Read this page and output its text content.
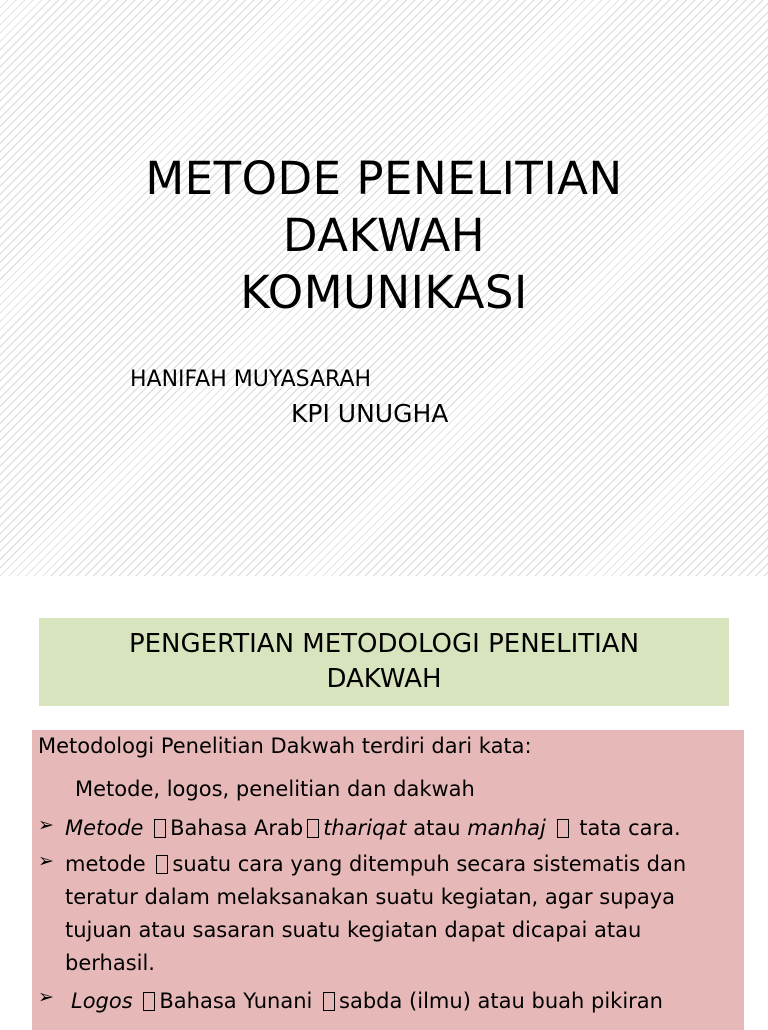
METODE PENELITIAN
DAKWAH
KOMUNIKASI
HANIFAH MUYASARAH
KPI UNUGHA
PENGERTIAN METODOLOGI PENELITIAN
DAKWAH
Metodologi Penelitian Dakwah terdiri dari kata:
Metode, logos, penelitian dan dakwah
➢ Metode Bahasa Arab thariqat atau manhaj tata cara.
➢ metode suatu cara yang ditempuh secara sistematis dan
teratur dalam melaksanakan suatu kegiatan, agar supaya
tujuan atau sasaran suatu kegiatan dapat dicapai atau
berhasil.
➢ Logos Bahasa Yunani sabda (ilmu) atau buah pikiran
